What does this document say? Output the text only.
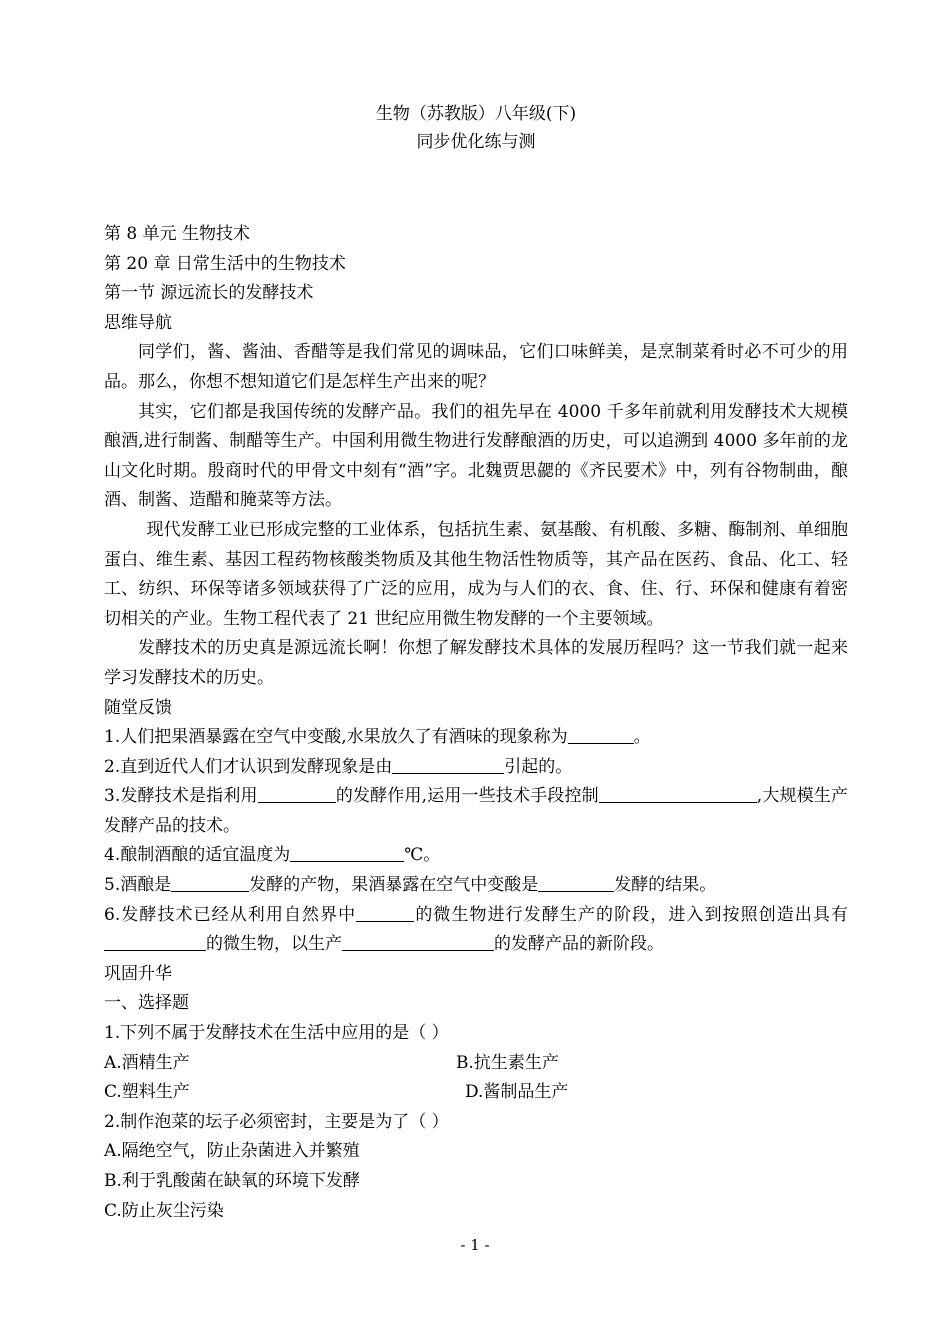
生物（苏教版）八年级(下)
同步优化练与测
第 8 单元 生物技术
第 20 章 日常生活中的生物技术
第一节 源远流长的发酵技术
思维导航
同学们，酱、酱油、香醋等是我们常见的调味品，它们口味鲜美，是烹制菜肴时必不可少的用品。那么，你想不想知道它们是怎样生产出来的呢？
其实，它们都是我国传统的发酵产品。我们的祖先早在 4000 千多年前就利用发酵技术大规模酿酒,进行制酱、制醋等生产。中国利用微生物进行发酵酿酒的历史，可以追溯到 4000 多年前的龙山文化时期。殷商时代的甲骨文中刻有“酒”字。北魏贾思勰的《齐民要术》中，列有谷物制曲，酿酒、制酱、造醋和腌菜等方法。
现代发酵工业已形成完整的工业体系，包括抗生素、氨基酸、有机酸、多糖、酶制剂、单细胞蛋白、维生素、基因工程药物核酸类物质及其他生物活性物质等，其产品在医药、食品、化工、轻工、纺织、环保等诸多领域获得了广泛的应用，成为与人们的衣、食、住、行、环保和健康有着密切相关的产业。生物工程代表了 21 世纪应用微生物发酵的一个主要领域。
发酵技术的历史真是源远流长啊！你想了解发酵技术具体的发展历程吗？这一节我们就一起来学习发酵技术的历史。
随堂反馈
1.人们把果酒暴露在空气中变酸,水果放久了有酒味的现象称为	。
2.直到近代人们才认识到发酵现象是由	引起的。
3.发酵技术是指利用	的发酵作用,运用一些技术手段控制	,大规模生产发酵产品的技术。
4.酿制酒酿的适宜温度为	℃。
5.酒酿是	发酵的产物，果酒暴露在空气中变酸是	发酵的结果。
6.发酵技术已经从利用自然界中	的微生物进行发酵生产的阶段，进入到按照创造出具有的微生物，以生产	的发酵产品的新阶段。
巩固升华
一、选择题
1.下列不属于发酵技术在生活中应用的是（ ）
A.酒精生产	B.抗生素生产
C.塑料生产	D.酱制品生产
2.制作泡菜的坛子必须密封，主要是为了（ ）
A.隔绝空气，防止杂菌进入并繁殖
B.利于乳酸菌在缺氧的环境下发酵
C.防止灰尘污染
- 1 -
